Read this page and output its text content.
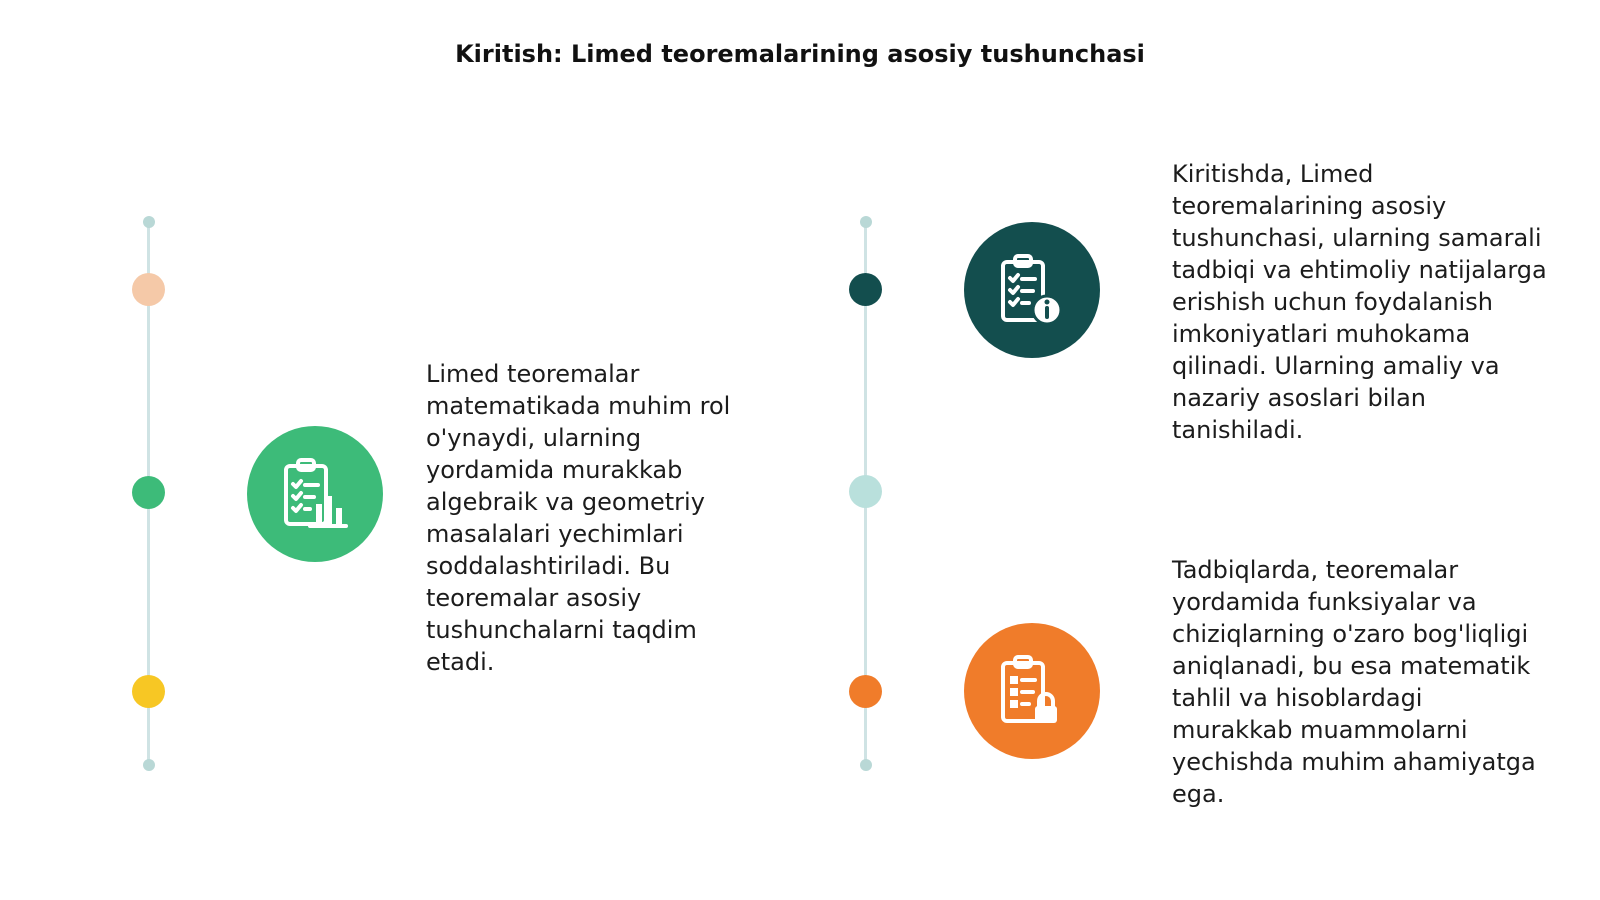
Kiritish: Limed teoremalarining asosiy tushunchasi
Limed teoremalar matematikada muhim rol o'ynaydi, ularning yordamida murakkab algebraik va geometriy masalalari yechimlari soddalashtiriladi. Bu teoremalar asosiy tushunchalarni taqdim etadi.
Kiritishda, Limed teoremalarining asosiy tushunchasi, ularning samarali tadbiqi va ehtimoliy natijalarga erishish uchun foydalanish imkoniyatlari muhokama qilinadi. Ularning amaliy va nazariy asoslari bilan tanishiladi.
Tadbiqlarda, teoremalar yordamida funksiyalar va chiziqlarning o'zaro bog'liqligi aniqlanadi, bu esa matematik tahlil va hisoblardagi murakkab muammolarni yechishda muhim ahamiyatga ega.
